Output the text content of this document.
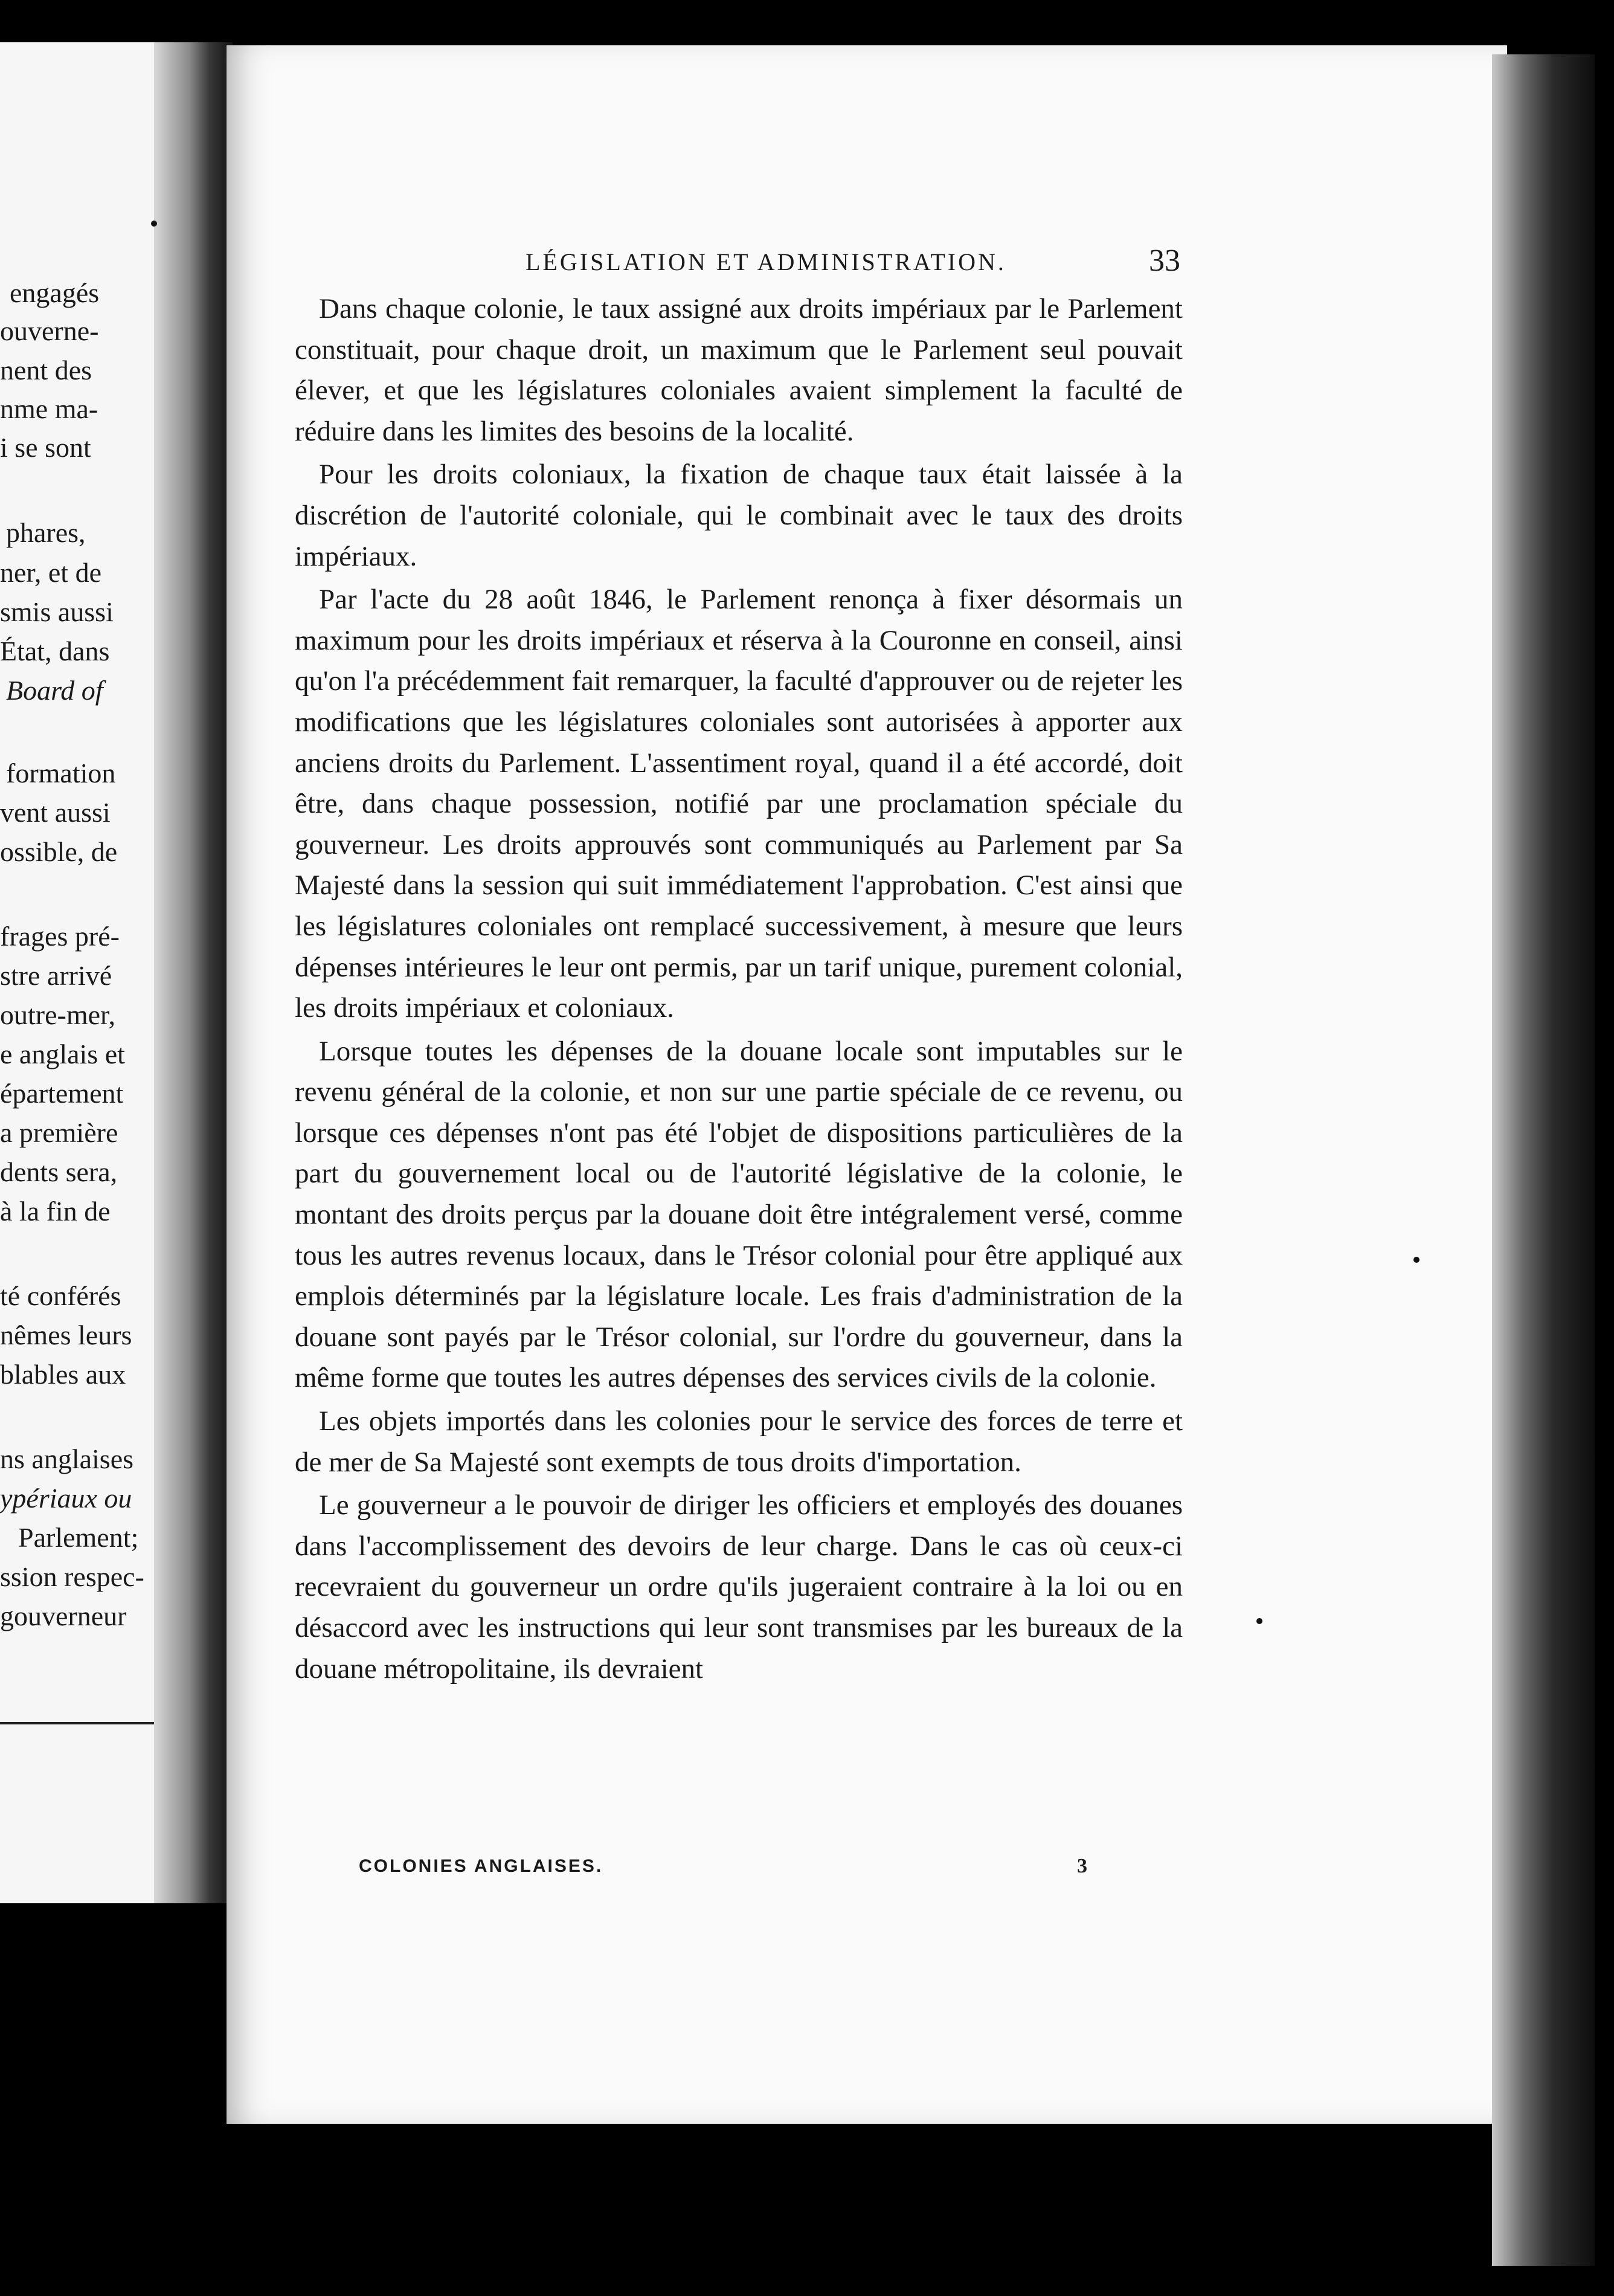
engagés
ouverne-
nent des
nme ma-
i se sont
phares,
ner, et de
smis aussi
État, dans
Board of
formation
vent aussi
ossible, de
frages pré-
stre arrivé
outre-mer,
e anglais et
épartement
a première
dents sera,
à la fin de
té conférés
nêmes leurs
blables aux
ns anglaises
ypériaux ou
Parlement;
ssion respec-
gouverneur
LÉGISLATION ET ADMINISTRATION.	33

Dans chaque colonie, le taux assigné aux droits impériaux par le Parlement constituait, pour chaque droit, un maximum que le Parlement seul pouvait élever, et que les législatures coloniales avaient simplement la faculté de réduire dans les limites des besoins de la localité.

Pour les droits coloniaux, la fixation de chaque taux était laissée à la discrétion de l'autorité coloniale, qui le combinait avec le taux des droits impériaux.

Par l'acte du 28 août 1846, le Parlement renonça à fixer désormais un maximum pour les droits impériaux et réserva à la Couronne en conseil, ainsi qu'on l'a précédemment fait remarquer, la faculté d'approuver ou de rejeter les modifications que les législatures coloniales sont autorisées à apporter aux anciens droits du Parlement. L'assentiment royal, quand il a été accordé, doit être, dans chaque possession, notifié par une proclamation spéciale du gouverneur. Les droits approuvés sont communiqués au Parlement par Sa Majesté dans la session qui suit immédiatement l'approbation. C'est ainsi que les législatures coloniales ont remplacé successivement, à mesure que leurs dépenses intérieures le leur ont permis, par un tarif unique, purement colonial, les droits impériaux et coloniaux.

Lorsque toutes les dépenses de la douane locale sont imputables sur le revenu général de la colonie, et non sur une partie spéciale de ce revenu, ou lorsque ces dépenses n'ont pas été l'objet de dispositions particulières de la part du gouvernement local ou de l'autorité législative de la colonie, le montant des droits perçus par la douane doit être intégralement versé, comme tous les autres revenus locaux, dans le Trésor colonial pour être appliqué aux emplois déterminés par la législature locale. Les frais d'administration de la douane sont payés par le Trésor colonial, sur l'ordre du gouverneur, dans la même forme que toutes les autres dépenses des services civils de la colonie.

Les objets importés dans les colonies pour le service des forces de terre et de mer de Sa Majesté sont exempts de tous droits d'importation.

Le gouverneur a le pouvoir de diriger les officiers et employés des douanes dans l'accomplissement des devoirs de leur charge. Dans le cas où ceux-ci recevraient du gouverneur un ordre qu'ils jugeraient contraire à la loi ou en désaccord avec les instructions qui leur sont transmises par les bureaux de la douane métropolitaine, ils devraient

COLONIES ANGLAISES.	3
